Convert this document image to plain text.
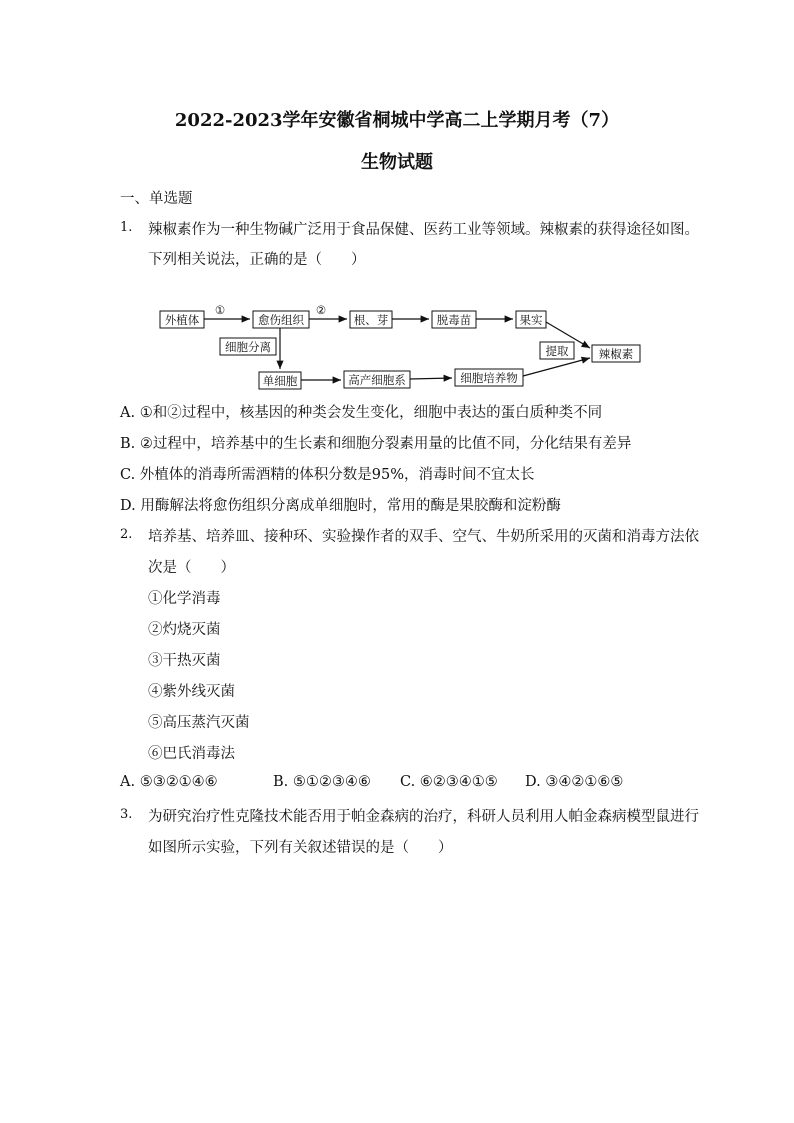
2022-2023学年安徽省桐城中学高二上学期月考（7）
生物试题
一、单选题
1. 辣椒素作为一种生物碱广泛用于食品保健、医药工业等领域。辣椒素的获得途径如图。
下列相关说法，正确的是（　　）
外植体	愈伤组织	根、芽	脱毒苗	果实
辣椒素
细胞分离
单细胞	高产细胞系	细胞培养物
提取
①	②
A. ①和②过程中，核基因的种类会发生变化，细胞中表达的蛋白质种类不同
B. ②过程中，培养基中的生长素和细胞分裂素用量的比值不同，分化结果有差异
C. 外植体的消毒所需酒精的体积分数是95%，消毒时间不宜太长
D. 用酶解法将愈伤组织分离成单细胞时，常用的酶是果胶酶和淀粉酶
2. 培养基、培养皿、接种环、实验操作者的双手、空气、牛奶所采用的灭菌和消毒方法依
次是（　　）
①化学消毒
②灼烧灭菌
③干热灭菌
④紫外线灭菌
⑤高压蒸汽灭菌
⑥巴氏消毒法
A. ⑤③②①④⑥	B. ⑤①②③④⑥ C. ⑥②③④①⑤ D. ③④②①⑥⑤
3. 为研究治疗性克隆技术能否用于帕金森病的治疗，科研人员利用人帕金森病模型鼠进行
如图所示实验，下列有关叙述错误的是（　　）
